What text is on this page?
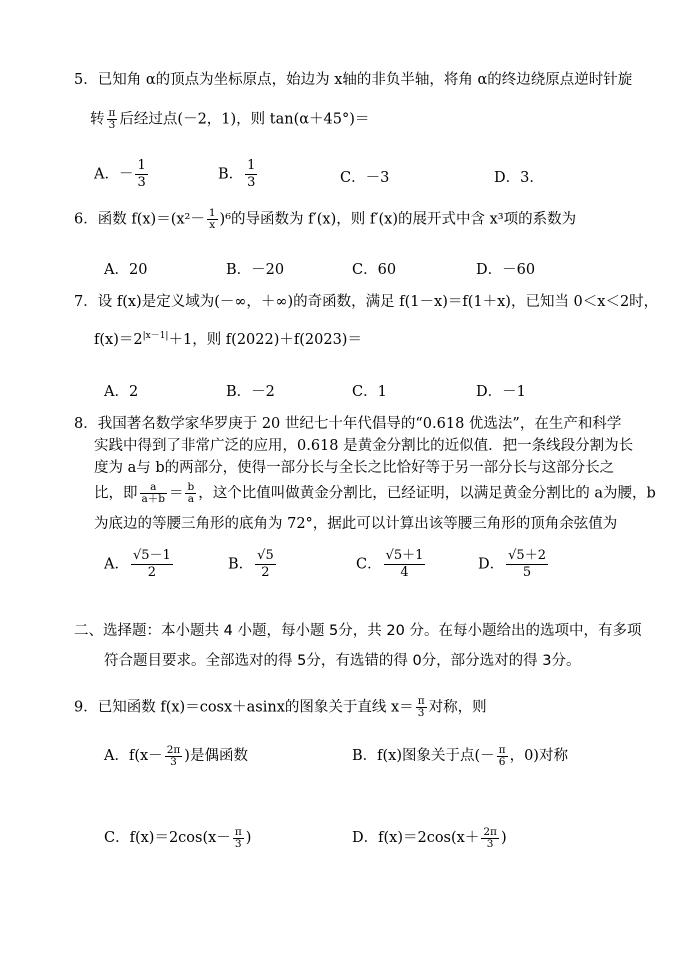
5．已知角 α的顶点为坐标原点，始边为 x轴的非负半轴，将角 α的终边绕原点逆时针旋
转 $\frac{\pi}{3}$ 后经过点(－2，1)，则 tan(α＋45°)＝
A．－ $\frac{1}{3}$	B． $\frac{1}{3}$	C．－3	D．3．
6．函数 $f(x)=(x^2- \frac{1}{x} )^6$的导函数为 f′(x)，则 f′(x)的展开式中含 x³项的系数为
A．20	B．－20	C．60	D．－60
7．设 f(x)是定义域为(－∞，＋∞)的奇函数，满足 f(1－x)＝f(1＋x)，已知当 0＜x＜2时，
$f(x)=2^{|x-1|}+1$，则 f(2022)＋f(2023)＝
A．2	B．－2	C．1	D．－1
8．我国著名数学家华罗庚于 20 世纪七十年代倡导的“0.618 优选法”，在生产和科学
实践中得到了非常广泛的应用，0.618 是黄金分割比的近似值．把一条线段分割为长
度为 a与 b的两部分，使得一部分长与全长之比恰好等于另一部分长与这部分长之
比，即 $\frac{a}{a+b} = \frac{b}{a}$ ，这个比值叫做黄金分割比，已经证明，以满足黄金分割比的 a为腰，b
为底边的等腰三角形的底角为 72°，据此可以计算出该等腰三角形的顶角余弦值为
A． $\frac{√5-1}{2}$	B． $\frac{√5}{2}$	C． $\frac{√5+1}{4}$	D． $\frac{√5+2}{5}$
二、选择题：本小题共 4 小题，每小题 5分，共 20 分。在每小题给出的选项中，有多项
符合题目要求。全部选对的得 5分，有选错的得 0分，部分选对的得 3分。
9．已知函数 f(x)＝cosx＋asinx的图象关于直线 $x= \frac{\pi}{3}$ 对称，则
A．$f(x- \frac{2\pi}{3}$ )是偶函数	B．f(x)图象关于点(－ $\frac{\pi}{6}$ ，0)对称
C．$f(x)=2\cos(x- \frac{\pi}{3}$ )	D．$f(x)=2\cos(x+ \frac{2\pi}{3}$ )
